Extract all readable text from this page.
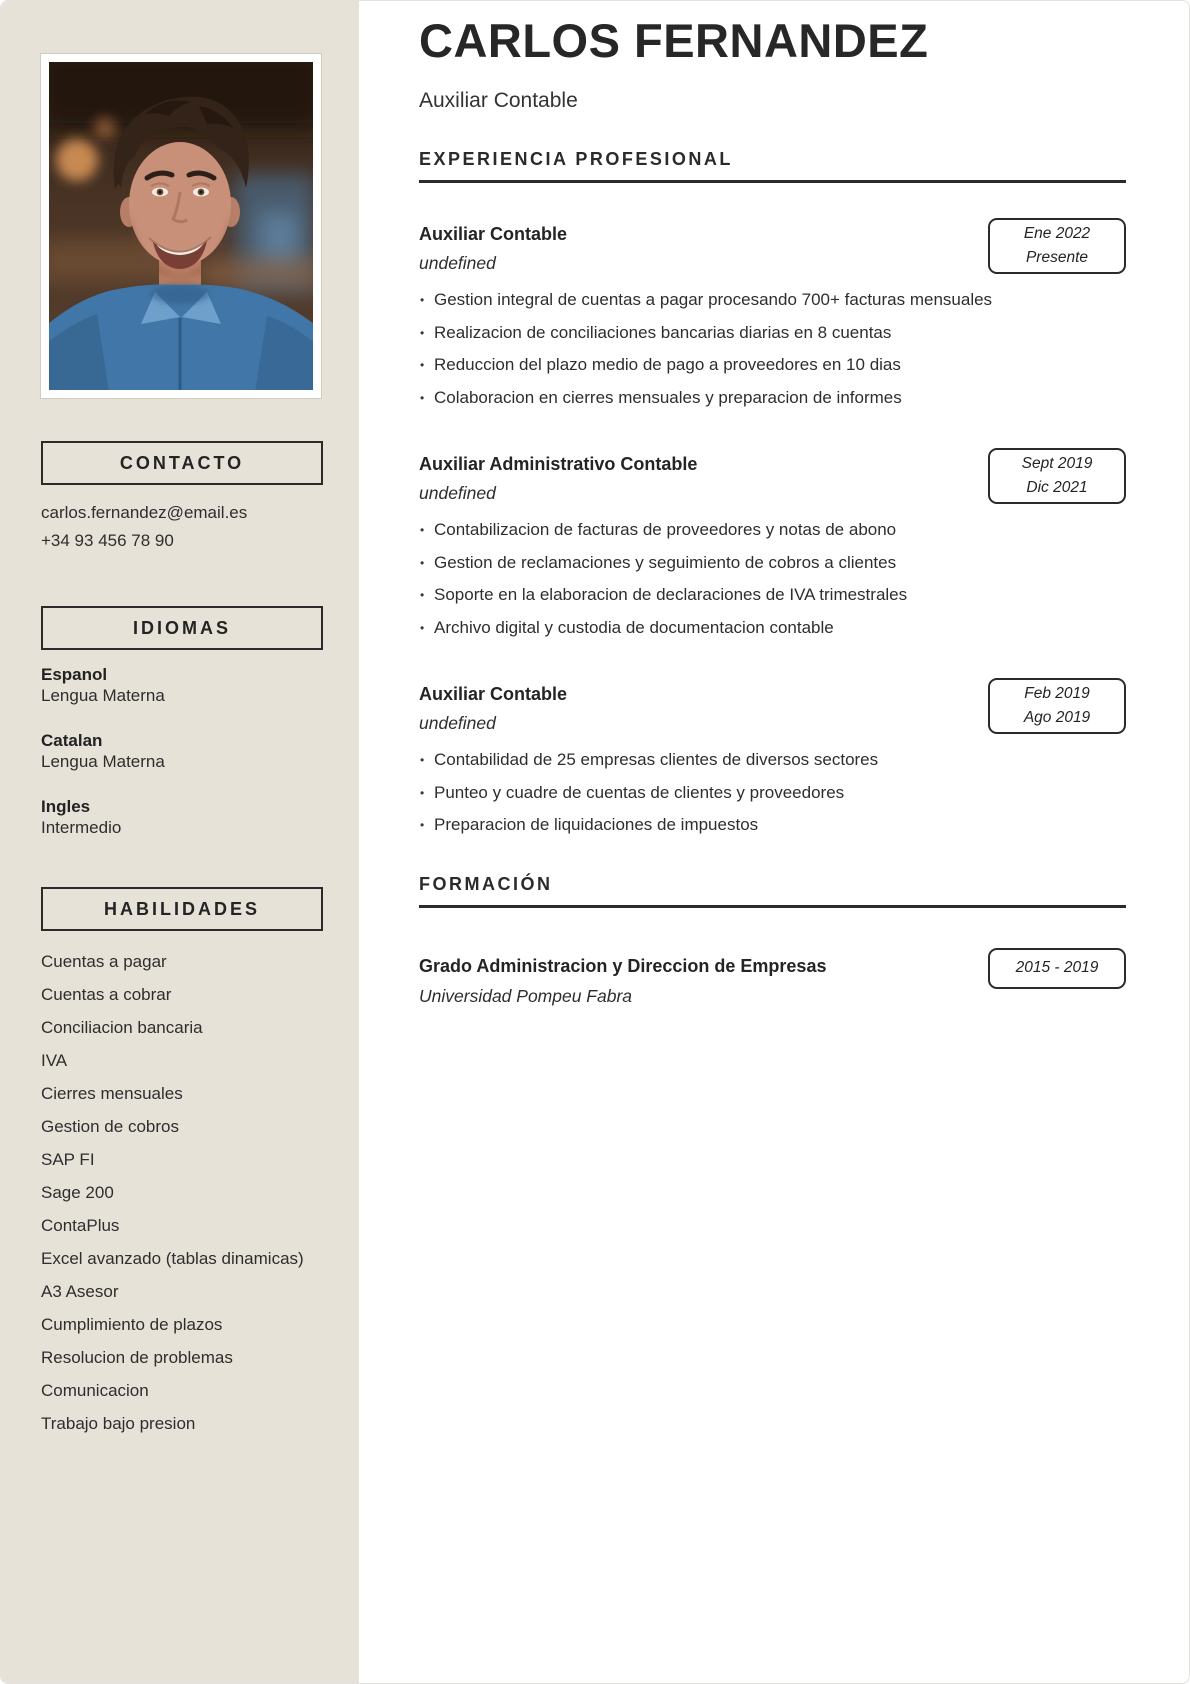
CONTACTO
carlos.fernandez@email.es
+34 93 456 78 90
IDIOMAS
Espanol
Lengua Materna
Catalan
Lengua Materna
Ingles
Intermedio
HABILIDADES
Cuentas a pagar
Cuentas a cobrar
Conciliacion bancaria
IVA
Cierres mensuales
Gestion de cobros
SAP FI
Sage 200
ContaPlus
Excel avanzado (tablas dinamicas)
A3 Asesor
Cumplimiento de plazos
Resolucion de problemas
Comunicacion
Trabajo bajo presion
CARLOS FERNANDEZ
Auxiliar Contable
EXPERIENCIA PROFESIONAL
Auxiliar Contable
undefined
Ene 2022
Presente
• Gestion integral de cuentas a pagar procesando 700+ facturas mensuales
• Realizacion de conciliaciones bancarias diarias en 8 cuentas
• Reduccion del plazo medio de pago a proveedores en 10 dias
• Colaboracion en cierres mensuales y preparacion de informes
Auxiliar Administrativo Contable
undefined
Sept 2019
Dic 2021
• Contabilizacion de facturas de proveedores y notas de abono
• Gestion de reclamaciones y seguimiento de cobros a clientes
• Soporte en la elaboracion de declaraciones de IVA trimestrales
• Archivo digital y custodia de documentacion contable
Auxiliar Contable
undefined
Feb 2019
Ago 2019
• Contabilidad de 25 empresas clientes de diversos sectores
• Punteo y cuadre de cuentas de clientes y proveedores
• Preparacion de liquidaciones de impuestos
FORMACIÓN
Grado Administracion y Direccion de Empresas
Universidad Pompeu Fabra
2015 - 2019
